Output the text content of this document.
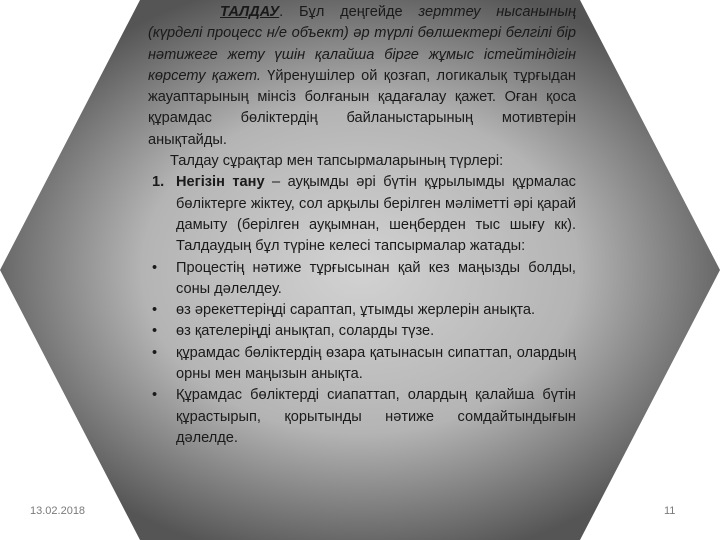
ТАЛДАУ. Бұл деңгейде зерттеу нысанының (күрделі процесс н/е объект) әр түрлі бөлшектері белгілі бір нәтижеге жету үшін қалайша бірге жұмыс істейтіндігін көрсету қажет. Үйренушілер ой қозғап, логикалық тұрғыдан жауаптарының мінсіз болғанын қадағалау қажет. Оған қоса құрамдас бөліктердің байланыстарының мотивтерін анықтайды.
Талдау сұрақтар мен тапсырмаларының түрлері:
1. Негізін тану – ауқымды әрі бүтін құрылымды құрмалас бөліктерге жіктеу, сол арқылы берілген мәліметті әрі қарай дамыту (берілген ауқымнан, шеңберден тыс шығу кк). Талдаудың бұл түріне келесі тапсырмалар жатады:
• Процестің нәтиже тұрғысынан қай кез маңызды болды, соны дәлелдеу.
• өз әрекеттеріңді сараптап, ұтымды жерлерін анықта.
• өз қателеріңді анықтап, соларды түзе.
• құрамдас бөліктердің өзара қатынасын сипаттап, олардың орны мен маңызын анықта.
• Құрамдас бөліктерді сиапаттап, олардың қалайша бүтін құрастырып, қорытынды нәтиже сомдайтындығын дәлелде.
13.02.2018	11
